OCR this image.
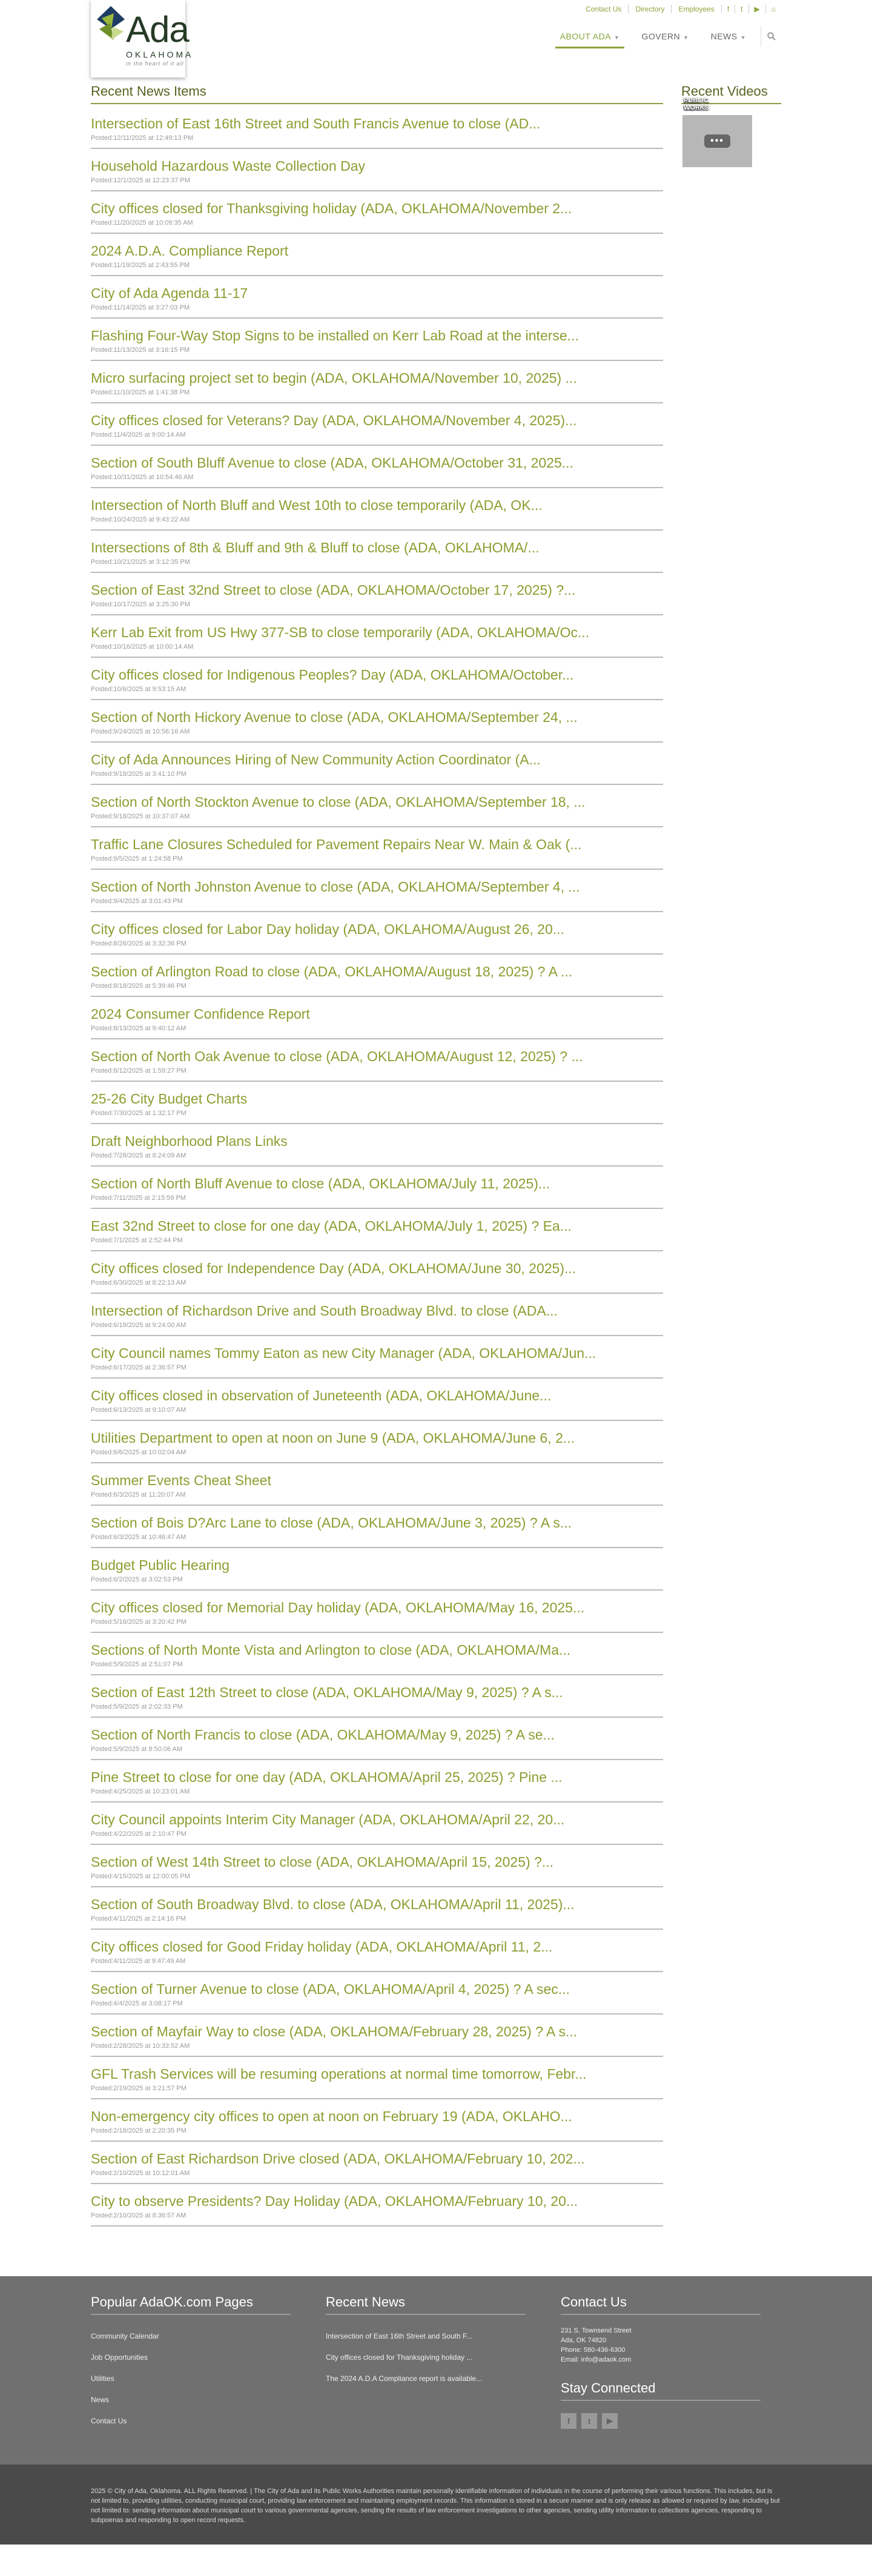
Ada
OKLAHOMA
in the heart of it all
Contact Us	Directory	Employees	f	t	▶	⌂
ABOUT ADA ▼	GOVERN ▼	NEWS ▼
Recent News Items
Intersection of East 16th Street and South Francis Avenue to close (AD...
Posted:12/11/2025 at 12:49:13 PM
Household Hazardous Waste Collection Day
Posted:12/1/2025 at 12:23:37 PM
City offices closed for Thanksgiving holiday (ADA, OKLAHOMA/November 2...
Posted:11/20/2025 at 10:09:35 AM
2024 A.D.A. Compliance Report
Posted:11/19/2025 at 2:43:55 PM
City of Ada Agenda 11-17
Posted:11/14/2025 at 3:27:03 PM
Flashing Four-Way Stop Signs to be installed on Kerr Lab Road at the interse...
Posted:11/13/2025 at 3:16:15 PM
Micro surfacing project set to begin (ADA, OKLAHOMA/November 10, 2025) ...
Posted:11/10/2025 at 1:41:38 PM
City offices closed for Veterans? Day (ADA, OKLAHOMA/November 4, 2025)...
Posted:11/4/2025 at 9:00:14 AM
Section of South Bluff Avenue to close (ADA, OKLAHOMA/October 31, 2025...
Posted:10/31/2025 at 10:54:46 AM
Intersection of North Bluff and West 10th to close temporarily (ADA, OK...
Posted:10/24/2025 at 9:43:22 AM
Intersections of 8th & Bluff and 9th & Bluff to close (ADA, OKLAHOMA/...
Posted:10/21/2025 at 3:12:35 PM
Section of East 32nd Street to close (ADA, OKLAHOMA/October 17, 2025) ?...
Posted:10/17/2025 at 3:25:30 PM
Kerr Lab Exit from US Hwy 377-SB to close temporarily (ADA, OKLAHOMA/Oc...
Posted:10/16/2025 at 10:00:14 AM
City offices closed for Indigenous Peoples? Day (ADA, OKLAHOMA/October...
Posted:10/6/2025 at 9:53:15 AM
Section of North Hickory Avenue to close (ADA, OKLAHOMA/September 24, ...
Posted:9/24/2025 at 10:56:16 AM
City of Ada Announces Hiring of New Community Action Coordinator (A...
Posted:9/18/2025 at 3:41:10 PM
Section of North Stockton Avenue to close (ADA, OKLAHOMA/September 18, ...
Posted:9/18/2025 at 10:37:07 AM
Traffic Lane Closures Scheduled for Pavement Repairs Near W. Main & Oak (...
Posted:9/5/2025 at 1:24:58 PM
Section of North Johnston Avenue to close (ADA, OKLAHOMA/September 4, ...
Posted:9/4/2025 at 3:01:43 PM
City offices closed for Labor Day holiday (ADA, OKLAHOMA/August 26, 20...
Posted:8/26/2025 at 3:32:36 PM
Section of Arlington Road to close (ADA, OKLAHOMA/August 18, 2025) ? A ...
Posted:8/18/2025 at 5:39:46 PM
2024 Consumer Confidence Report
Posted:8/13/2025 at 9:40:12 AM
Section of North Oak Avenue to close (ADA, OKLAHOMA/August 12, 2025) ? ...
Posted:8/12/2025 at 1:59:27 PM
25-26 City Budget Charts
Posted:7/30/2025 at 1:32:17 PM
Draft Neighborhood Plans Links
Posted:7/28/2025 at 8:24:09 AM
Section of North Bluff Avenue to close (ADA, OKLAHOMA/July 11, 2025)...
Posted:7/11/2025 at 2:15:59 PM
East 32nd Street to close for one day (ADA, OKLAHOMA/July 1, 2025) ? Ea...
Posted:7/1/2025 at 2:52:44 PM
City offices closed for Independence Day (ADA, OKLAHOMA/June 30, 2025)...
Posted:6/30/2025 at 8:22:13 AM
Intersection of Richardson Drive and South Broadway Blvd. to close (ADA...
Posted:6/19/2025 at 9:24:00 AM
City Council names Tommy Eaton as new City Manager (ADA, OKLAHOMA/Jun...
Posted:6/17/2025 at 2:36:57 PM
City offices closed in observation of Juneteenth (ADA, OKLAHOMA/June...
Posted:6/13/2025 at 9:10:07 AM
Utilities Department to open at noon on June 9 (ADA, OKLAHOMA/June 6, 2...
Posted:6/6/2025 at 10:02:04 AM
Summer Events Cheat Sheet
Posted:6/3/2025 at 11:20:07 AM
Section of Bois D?Arc Lane to close (ADA, OKLAHOMA/June 3, 2025) ? A s...
Posted:6/3/2025 at 10:46:47 AM
Budget Public Hearing
Posted:6/2/2025 at 3:02:53 PM
City offices closed for Memorial Day holiday (ADA, OKLAHOMA/May 16, 2025...
Posted:5/16/2025 at 3:20:42 PM
Sections of North Monte Vista and Arlington to close (ADA, OKLAHOMA/Ma...
Posted:5/9/2025 at 2:51:07 PM
Section of East 12th Street to close (ADA, OKLAHOMA/May 9, 2025) ? A s...
Posted:5/9/2025 at 2:02:33 PM
Section of North Francis to close (ADA, OKLAHOMA/May 9, 2025) ? A se...
Posted:5/9/2025 at 8:50:06 AM
Pine Street to close for one day (ADA, OKLAHOMA/April 25, 2025) ? Pine ...
Posted:4/25/2025 at 10:23:01 AM
City Council appoints Interim City Manager (ADA, OKLAHOMA/April 22, 20...
Posted:4/22/2025 at 2:10:47 PM
Section of West 14th Street to close (ADA, OKLAHOMA/April 15, 2025) ?...
Posted:4/15/2025 at 12:00:05 PM
Section of South Broadway Blvd. to close (ADA, OKLAHOMA/April 11, 2025)...
Posted:4/11/2025 at 2:14:16 PM
City offices closed for Good Friday holiday (ADA, OKLAHOMA/April 11, 2...
Posted:4/11/2025 at 9:47:49 AM
Section of Turner Avenue to close (ADA, OKLAHOMA/April 4, 2025) ? A sec...
Posted:4/4/2025 at 3:08:17 PM
Section of Mayfair Way to close (ADA, OKLAHOMA/February 28, 2025) ? A s...
Posted:2/28/2025 at 10:33:52 AM
GFL Trash Services will be resuming operations at normal time tomorrow, Febr...
Posted:2/19/2025 at 3:21:57 PM
Non-emergency city offices to open at noon on February 19 (ADA, OKLAHO...
Posted:2/18/2025 at 2:20:35 PM
Section of East Richardson Drive closed (ADA, OKLAHOMA/February 10, 202...
Posted:2/10/2025 at 10:12:01 AM
City to observe Presidents? Day Holiday (ADA, OKLAHOMA/February 10, 20...
Posted:2/10/2025 at 8:36:57 AM
Recent Videos
Popular AdaOK.com Pages
Community Calendar
Job Opportunities
Utilities
News
Contact Us
Recent News
Intersection of East 16th Street and South F...
City offices closed for Thanksgiving holiday ...
The 2024 A.D.A Compliance report is available...
Contact Us
231 S. Townsend Street
Ada, OK 74820
Phone: 580-436-6300
Email: info@adaok.com
Stay Connected
f	t	▶
2025 © City of Ada, Oklahoma. ALL Rights Reserved. | The City of Ada and its Public Works Authorities maintain personally identifiable information of individuals in the course of performing their various functions. This includes, but is not limited to, providing utilities, conducting municipal court, providing law enforcement and maintaining employment records. This information is stored in a secure manner and is only release as allowed or required by law, including but not limited to: sending information about municipal court to various governmental agencies, sending the results of law enforcement investigations to other agencies, sending utility information to collections agencies, responding to subpoenas and responding to open record requests.
